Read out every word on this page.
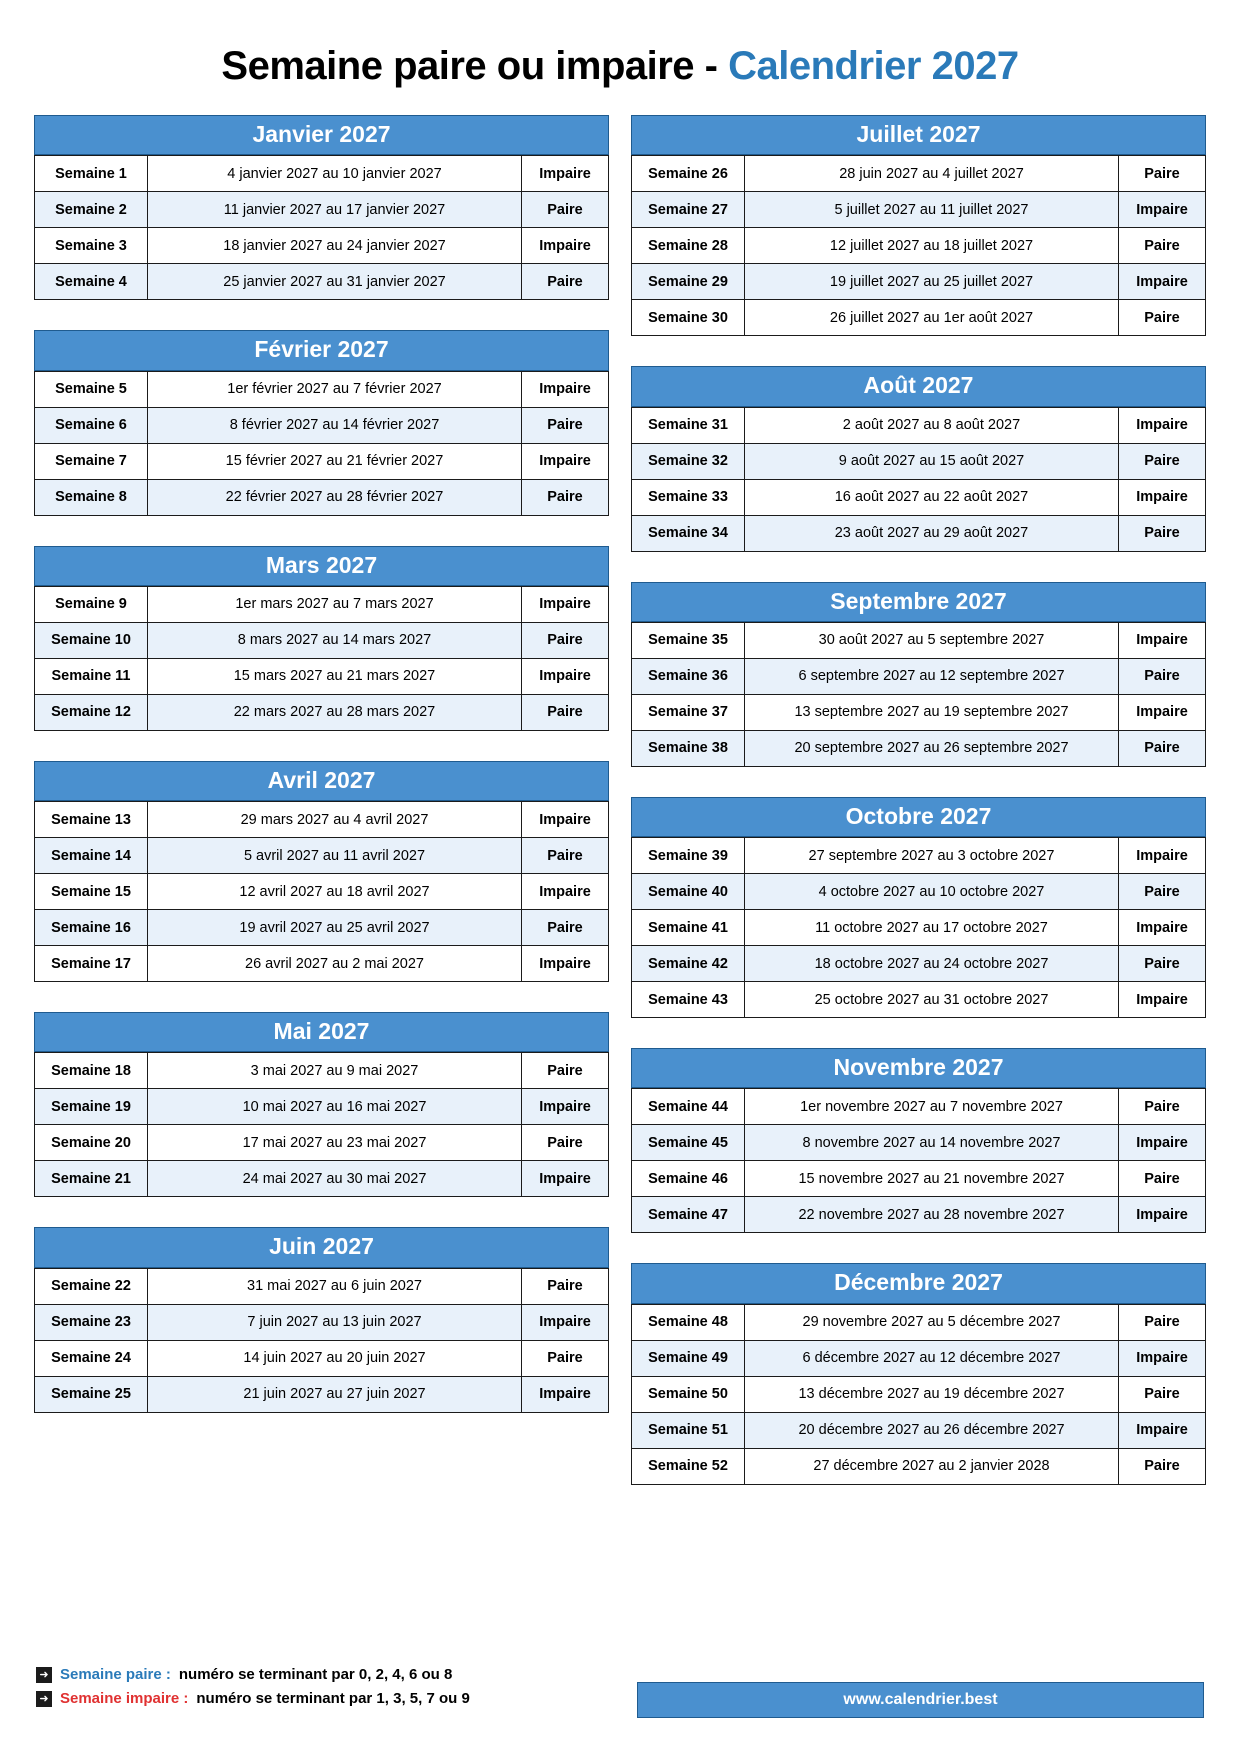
Semaine paire ou impaire - Calendrier 2027
Janvier 2027
Semaine 1	4 janvier 2027 au 10 janvier 2027	Impaire
Semaine 2	11 janvier 2027 au 17 janvier 2027	Paire
Semaine 3	18 janvier 2027 au 24 janvier 2027	Impaire
Semaine 4	25 janvier 2027 au 31 janvier 2027	Paire
Février 2027
Semaine 5	1er février 2027 au 7 février 2027	Impaire
Semaine 6	8 février 2027 au 14 février 2027	Paire
Semaine 7	15 février 2027 au 21 février 2027	Impaire
Semaine 8	22 février 2027 au 28 février 2027	Paire
Mars 2027
Semaine 9	1er mars 2027 au 7 mars 2027	Impaire
Semaine 10	8 mars 2027 au 14 mars 2027	Paire
Semaine 11	15 mars 2027 au 21 mars 2027	Impaire
Semaine 12	22 mars 2027 au 28 mars 2027	Paire
Avril 2027
Semaine 13	29 mars 2027 au 4 avril 2027	Impaire
Semaine 14	5 avril 2027 au 11 avril 2027	Paire
Semaine 15	12 avril 2027 au 18 avril 2027	Impaire
Semaine 16	19 avril 2027 au 25 avril 2027	Paire
Semaine 17	26 avril 2027 au 2 mai 2027	Impaire
Mai 2027
Semaine 18	3 mai 2027 au 9 mai 2027	Paire
Semaine 19	10 mai 2027 au 16 mai 2027	Impaire
Semaine 20	17 mai 2027 au 23 mai 2027	Paire
Semaine 21	24 mai 2027 au 30 mai 2027	Impaire
Juin 2027
Semaine 22	31 mai 2027 au 6 juin 2027	Paire
Semaine 23	7 juin 2027 au 13 juin 2027	Impaire
Semaine 24	14 juin 2027 au 20 juin 2027	Paire
Semaine 25	21 juin 2027 au 27 juin 2027	Impaire
Juillet 2027
Semaine 26	28 juin 2027 au 4 juillet 2027	Paire
Semaine 27	5 juillet 2027 au 11 juillet 2027	Impaire
Semaine 28	12 juillet 2027 au 18 juillet 2027	Paire
Semaine 29	19 juillet 2027 au 25 juillet 2027	Impaire
Semaine 30	26 juillet 2027 au 1er août 2027	Paire
Août 2027
Semaine 31	2 août 2027 au 8 août 2027	Impaire
Semaine 32	9 août 2027 au 15 août 2027	Paire
Semaine 33	16 août 2027 au 22 août 2027	Impaire
Semaine 34	23 août 2027 au 29 août 2027	Paire
Septembre 2027
Semaine 35	30 août 2027 au 5 septembre 2027	Impaire
Semaine 36	6 septembre 2027 au 12 septembre 2027	Paire
Semaine 37	13 septembre 2027 au 19 septembre 2027	Impaire
Semaine 38	20 septembre 2027 au 26 septembre 2027	Paire
Octobre 2027
Semaine 39	27 septembre 2027 au 3 octobre 2027	Impaire
Semaine 40	4 octobre 2027 au 10 octobre 2027	Paire
Semaine 41	11 octobre 2027 au 17 octobre 2027	Impaire
Semaine 42	18 octobre 2027 au 24 octobre 2027	Paire
Semaine 43	25 octobre 2027 au 31 octobre 2027	Impaire
Novembre 2027
Semaine 44	1er novembre 2027 au 7 novembre 2027	Paire
Semaine 45	8 novembre 2027 au 14 novembre 2027	Impaire
Semaine 46	15 novembre 2027 au 21 novembre 2027	Paire
Semaine 47	22 novembre 2027 au 28 novembre 2027	Impaire
Décembre 2027
Semaine 48	29 novembre 2027 au 5 décembre 2027	Paire
Semaine 49	6 décembre 2027 au 12 décembre 2027	Impaire
Semaine 50	13 décembre 2027 au 19 décembre 2027	Paire
Semaine 51	20 décembre 2027 au 26 décembre 2027	Impaire
Semaine 52	27 décembre 2027 au 2 janvier 2028	Paire
➜ Semaine paire : numéro se terminant par 0, 2, 4, 6 ou 8
➜ Semaine impaire : numéro se terminant par 1, 3, 5, 7 ou 9	www.calendrier.best
